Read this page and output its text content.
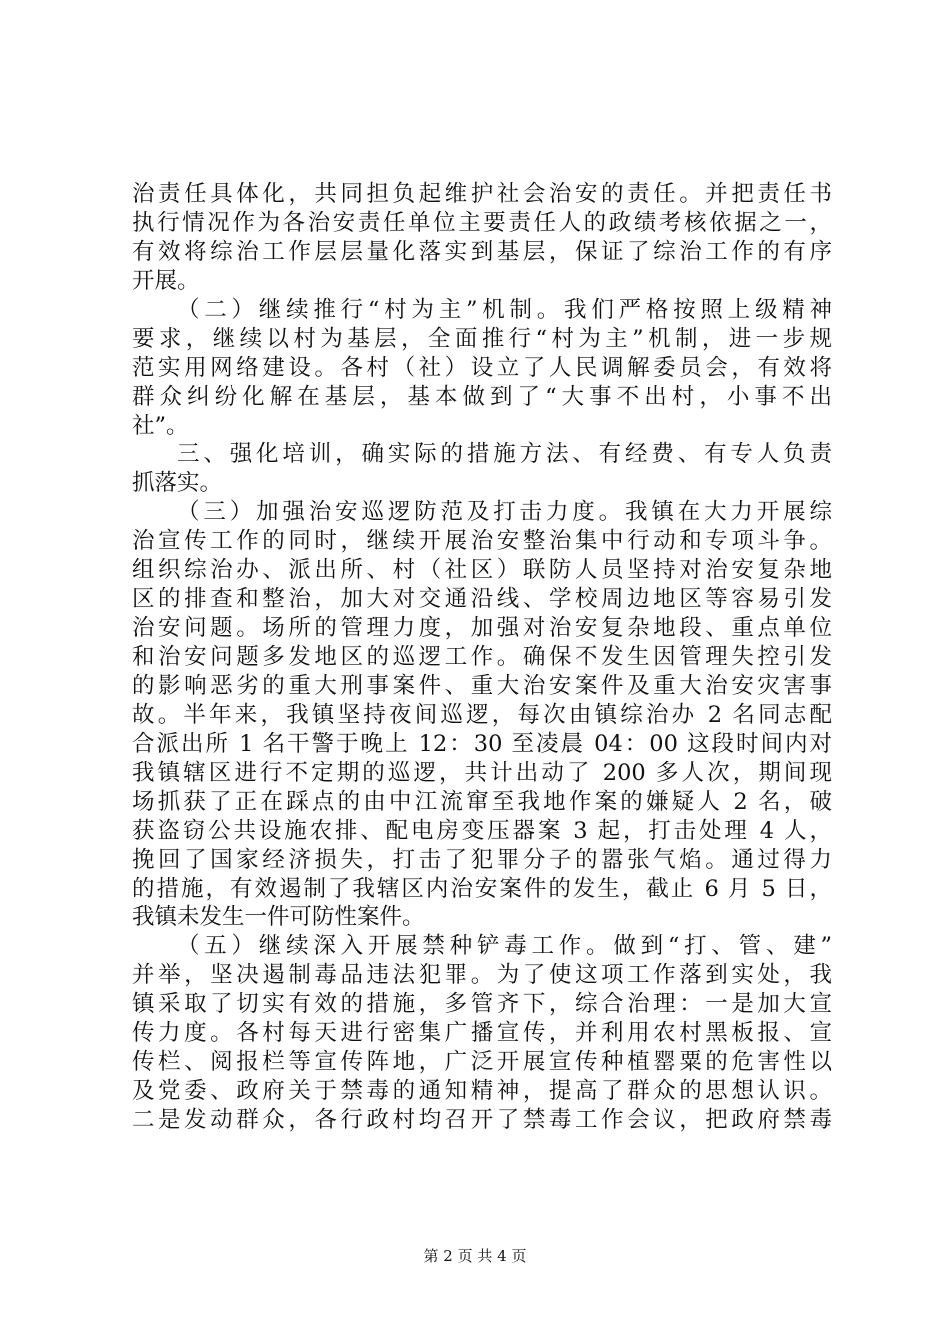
治责任具体化，共同担负起维护社会治安的责任。并把责任书
执行情况作为各治安责任单位主要责任人的政绩考核依据之一，
有效将综治工作层层量化落实到基层，保证了综治工作的有序
开展。
（二）继续推行“村为主”机制。我们严格按照上级精神
要求，继续以村为基层，全面推行“村为主”机制，进一步规
范实用网络建设。各村（社）设立了人民调解委员会，有效将
群众纠纷化解在基层，基本做到了“大事不出村，小事不出
社”。
三、强化培训，确实际的措施方法、有经费、有专人负责
抓落实。
（三）加强治安巡逻防范及打击力度。我镇在大力开展综
治宣传工作的同时，继续开展治安整治集中行动和专项斗争。
组织综治办、派出所、村（社区）联防人员坚持对治安复杂地
区的排查和整治，加大对交通沿线、学校周边地区等容易引发
治安问题。场所的管理力度，加强对治安复杂地段、重点单位
和治安问题多发地区的巡逻工作。确保不发生因管理失控引发
的影响恶劣的重大刑事案件、重大治安案件及重大治安灾害事
故。半年来，我镇坚持夜间巡逻，每次由镇综治办 2 名同志配
合派出所 1 名干警于晚上 12：30 至凌晨 04：00 这段时间内对
我镇辖区进行不定期的巡逻，共计出动了 200 多人次，期间现
场抓获了正在踩点的由中江流窜至我地作案的嫌疑人 2 名，破
获盗窃公共设施农排、配电房变压器案 3 起，打击处理 4 人，
挽回了国家经济损失，打击了犯罪分子的嚣张气焰。通过得力
的措施，有效遏制了我辖区内治安案件的发生，截止 6 月 5 日，
我镇未发生一件可防性案件。
（五）继续深入开展禁种铲毒工作。做到“打、管、建”
并举，坚决遏制毒品违法犯罪。为了使这项工作落到实处，我
镇采取了切实有效的措施，多管齐下，综合治理：一是加大宣
传力度。各村每天进行密集广播宣传，并利用农村黑板报、宣
传栏、阅报栏等宣传阵地，广泛开展宣传种植罂粟的危害性以
及党委、政府关于禁毒的通知精神，提高了群众的思想认识。
二是发动群众，各行政村均召开了禁毒工作会议，把政府禁毒
第 2 页 共 4 页
